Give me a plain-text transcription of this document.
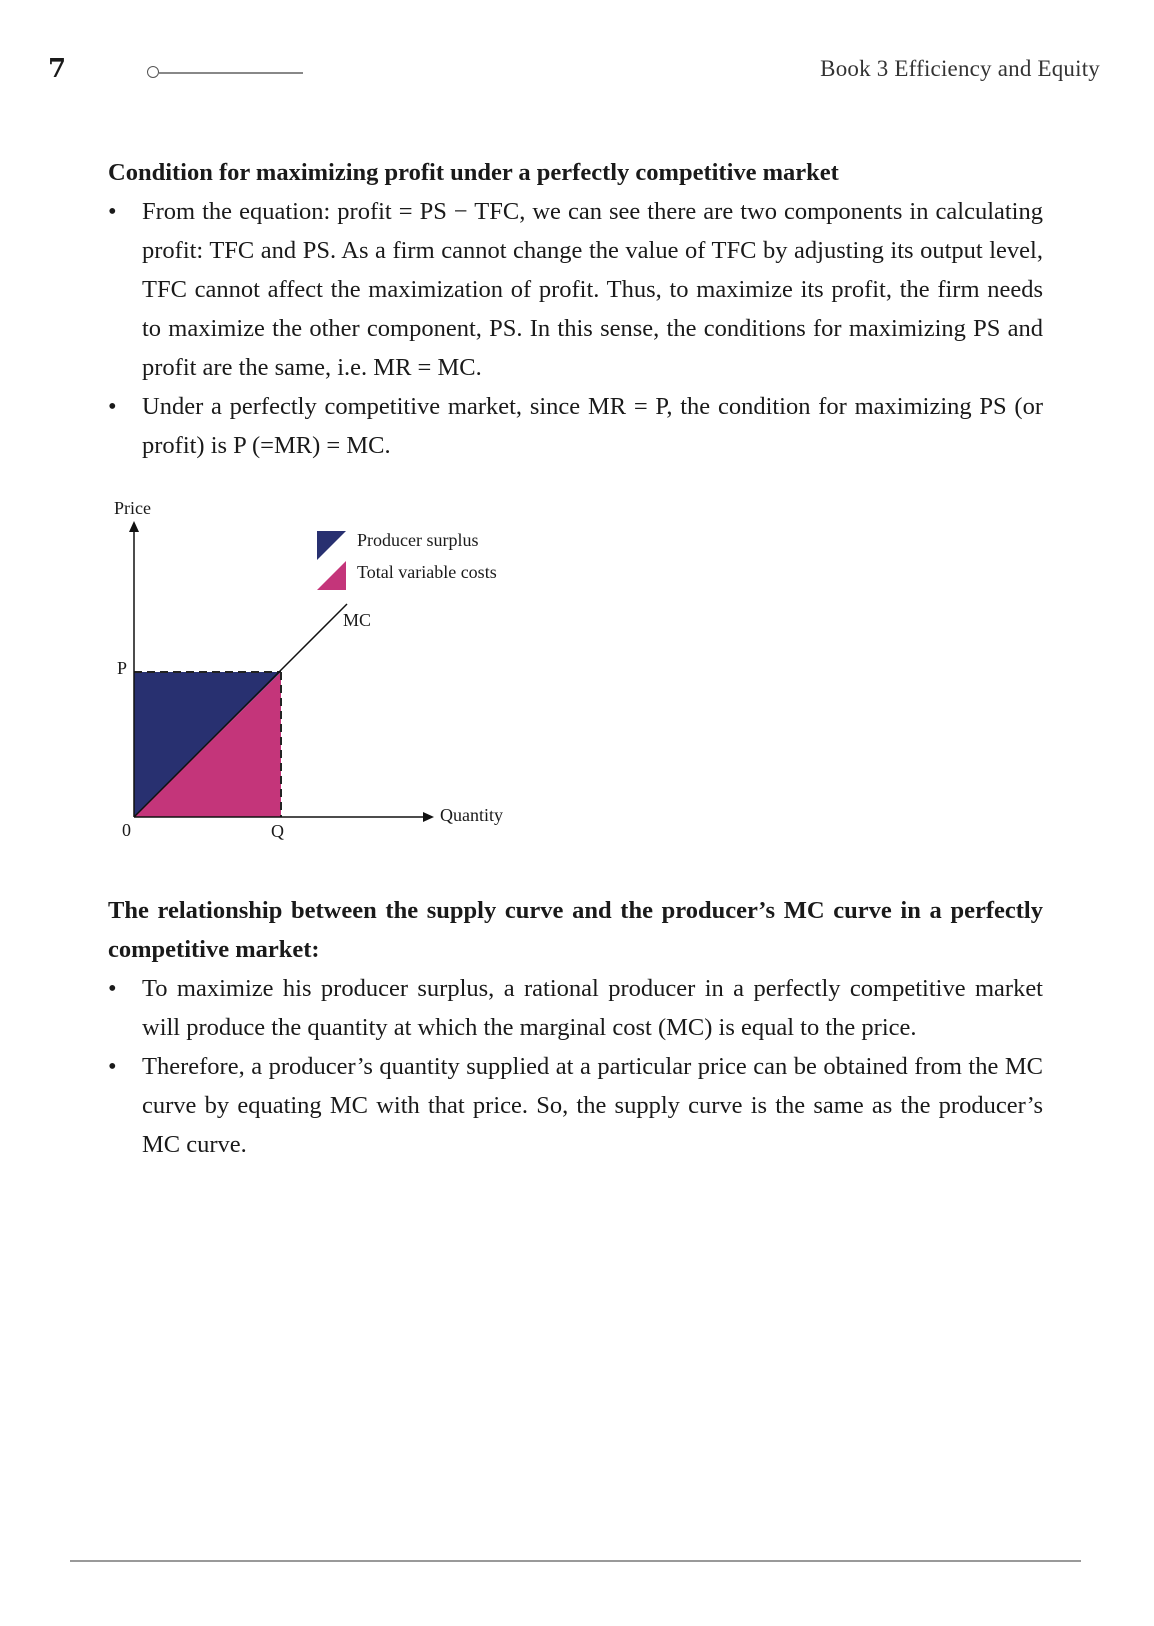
7	Book 3 Efficiency and Equity
Condition for maximizing profit under a perfectly competitive market
• From the equation: profit = PS − TFC, we can see there are two components in calculating profit: TFC and PS. As a firm cannot change the value of TFC by adjusting its output level, TFC cannot affect the maximization of profit. Thus, to maximize its profit, the firm needs to maximize the other component, PS. In this sense, the conditions for maximizing PS and profit are the same, i.e. MR = MC.
• Under a perfectly competitive market, since MR = P, the condition for maximizing PS (or profit) is P (=MR) = MC.
Price
Quantity
0
P
Q
MC
Producer surplus
Total variable costs
The relationship between the supply curve and the producer’s MC curve in a perfectly competitive market:
• To maximize his producer surplus, a rational producer in a perfectly competitive market will produce the quantity at which the marginal cost (MC) is equal to the price.
• Therefore, a producer’s quantity supplied at a particular price can be obtained from the MC curve by equating MC with that price. So, the supply curve is the same as the producer’s MC curve.
